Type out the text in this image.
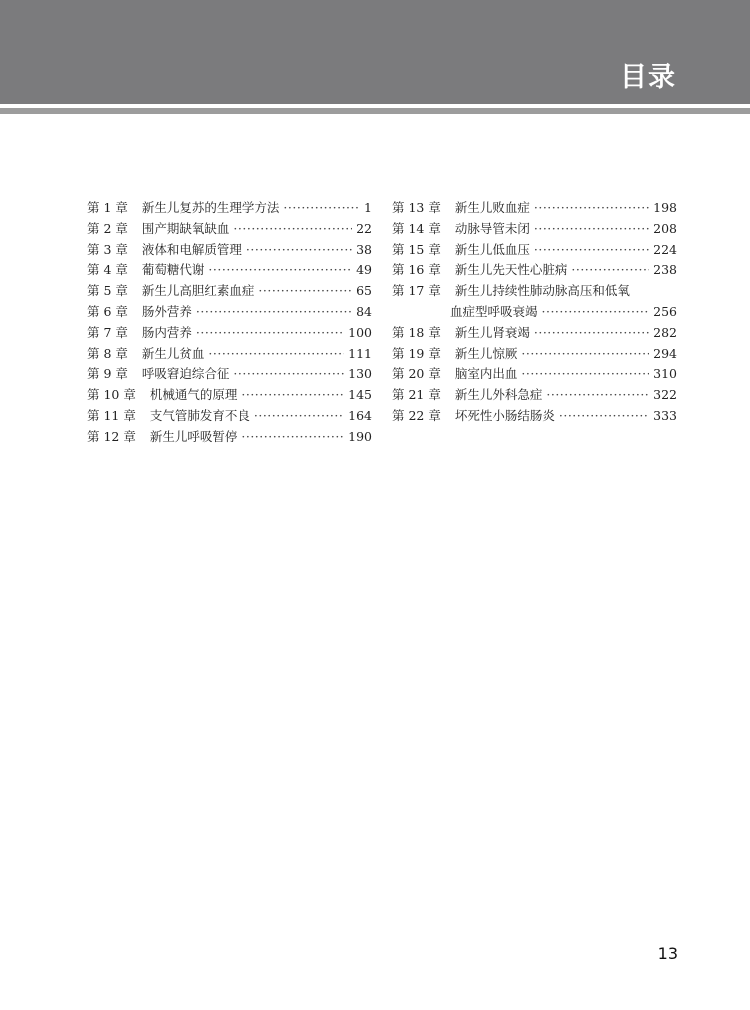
目录
第 1 章 新生儿复苏的生理学方法 ·····	1
第 2 章 围产期缺氧缺血 ·····	22
第 3 章 液体和电解质管理 ·····	38
第 4 章 葡萄糖代谢 ·····	49
第 5 章 新生儿高胆红素血症 ·····	65
第 6 章 肠外营养 ·····	84
第 7 章 肠内营养 ·····	100
第 8 章 新生儿贫血 ·····	111
第 9 章 呼吸窘迫综合征 ·····	130
第 10 章 机械通气的原理 ·····	145
第 11 章 支气管肺发育不良 ·····	164
第 12 章 新生儿呼吸暂停 ·····	190
第 13 章 新生儿败血症 ·····	198
第 14 章 动脉导管未闭 ·····	208
第 15 章 新生儿低血压 ·····	224
第 16 章 新生儿先天性心脏病 ·····	238
第 17 章 新生儿持续性肺动脉高压和低氧
血症型呼吸衰竭 ·····	256
第 18 章 新生儿肾衰竭 ·····	282
第 19 章 新生儿惊厥 ·····	294
第 20 章 脑室内出血 ·····	310
第 21 章 新生儿外科急症 ·····	322
第 22 章 坏死性小肠结肠炎 ·····	333
13
